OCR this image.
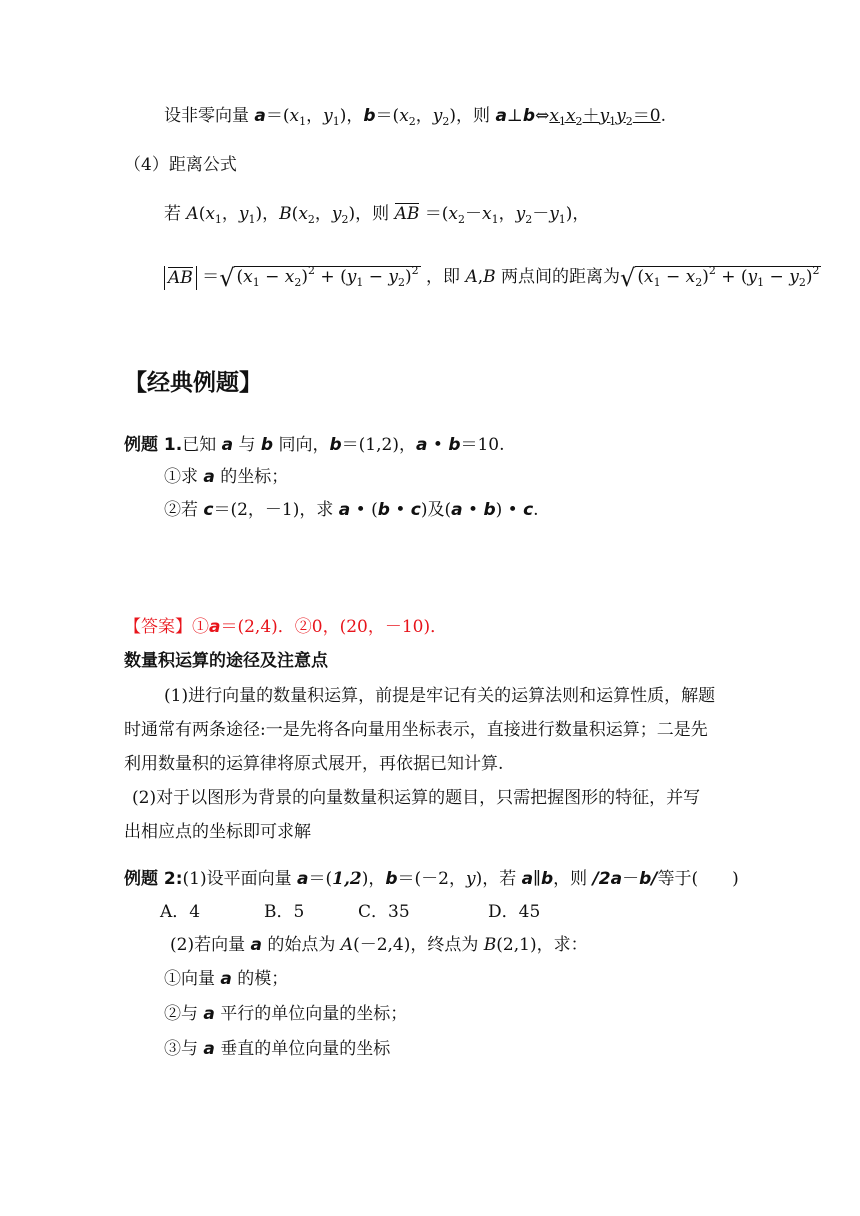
设非零向量 $a=(x_1$，$y_1$)，$b=(x_2$，$y_2$)，则 $a\perp b\Leftrightarrow x_1x_2+y_1y_2=0$.
（4）距离公式
若 $A(x_1$，$y_1$)，$B(x_2$，$y_2$)，则 AB $=(x_2-x_1$，$y_2-y_1$)，
AB ＝√ $(x_1 - x_2)^2 + (y_1 - y_2)^2$ ，即 A,B 两点间的距离为√ $(x_1 - x_2)^2 + (y_1 - y_2)^2$
【经典例题】
例题 1.已知 a 与 b 同向，b＝(1,2)，a • b＝10.
①求 a 的坐标；
②若 c＝(2，－1)，求 a • (b • c)及(a • b) • c.
【答案】①a＝(2,4)．②0，(20，－10)．
数量积运算的途径及注意点
(1)进行向量的数量积运算，前提是牢记有关的运算法则和运算性质，解题
时通常有两条途径:一是先将各向量用坐标表示，直接进行数量积运算；二是先
利用数量积的运算律将原式展开，再依据已知计算.
(2)对于以图形为背景的向量数量积运算的题目，只需把握图形的特征，并写
出相应点的坐标即可求解
例题 2:(1)设平面向量 a＝(1,2)，b＝(－2，y)，若 a∥b，则 /2a－b/等于(　　)
A．4	B．5	C．35	D．45
(2)若向量 a 的始点为 A(－2,4)，终点为 B(2,1)，求：
①向量 a 的模；
②与 a 平行的单位向量的坐标；
③与 a 垂直的单位向量的坐标
